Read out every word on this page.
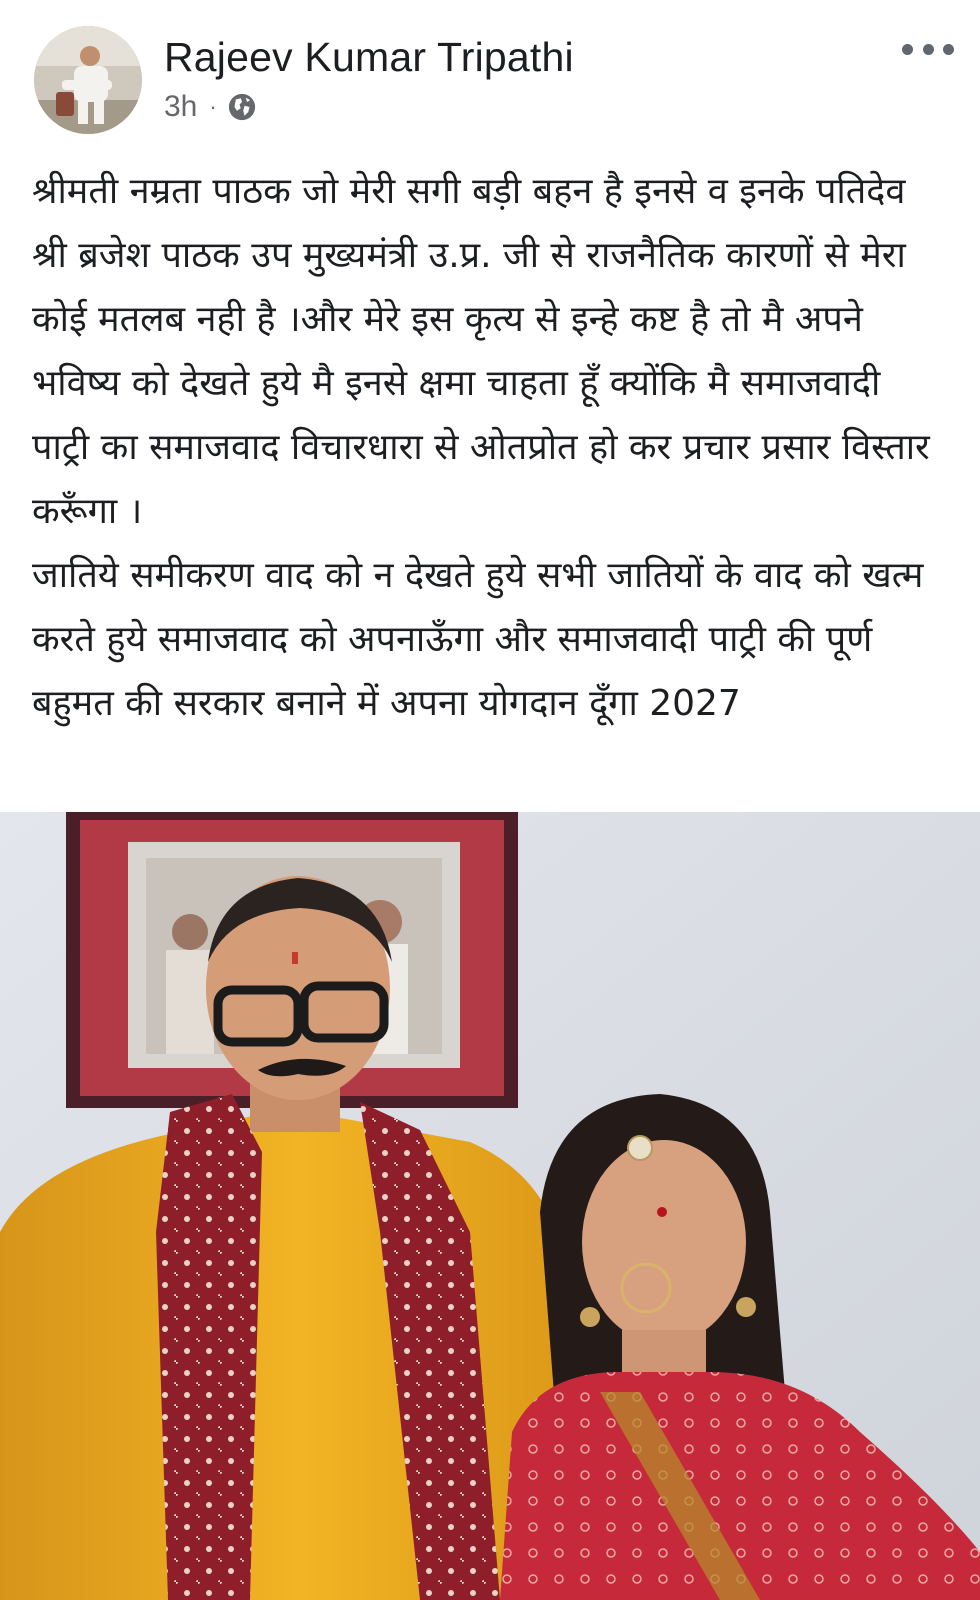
Rajeev Kumar Tripathi
3h ·

श्रीमती नम्रता पाठक जो मेरी सगी बड़ी बहन है इनसे व इनके पतिदेव श्री ब्रजेश पाठक उप मुख्यमंत्री उ.प्र. जी से राजनैतिक कारणों से मेरा कोई मतलब नही है ।और मेरे इस कृत्य से इन्हे कष्ट है तो मै अपने भविष्य को देखते हुये मै इनसे क्षमा चाहता हूँ क्योंकि मै समाजवादी पाट्री का समाजवाद विचारधारा से ओतप्रोत हो कर प्रचार प्रसार विस्तार करूँगा ।

जातिये समीकरण वाद को न देखते हुये सभी जातियों के वाद को खत्म करते हुये समाजवाद को अपनाऊँगा और समाजवादी पाट्री की पूर्ण बहुमत की सरकार बनाने में अपना योगदान दूँगा 2027
